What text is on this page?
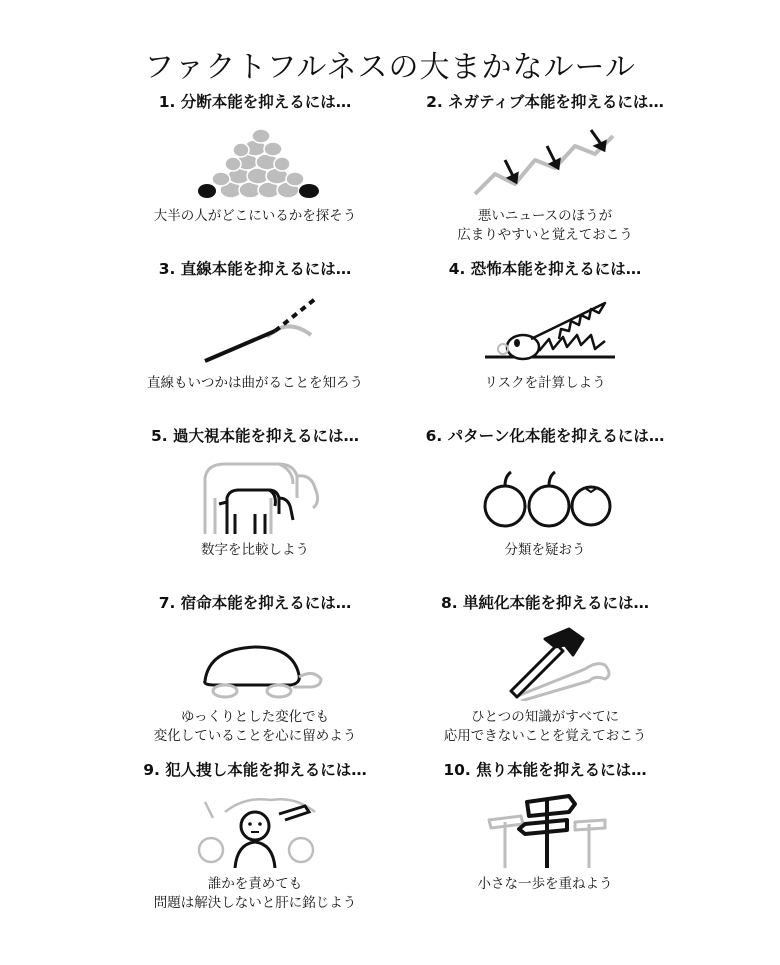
ファクトフルネスの大まかなルール
1. 分断本能を抑えるには…
大半の人がどこにいるかを探そう
2. ネガティブ本能を抑えるには…
悪いニュースのほうが
広まりやすいと覚えておこう
3. 直線本能を抑えるには…
直線もいつかは曲がることを知ろう
4. 恐怖本能を抑えるには…
リスクを計算しよう
5. 過大視本能を抑えるには…
数字を比較しよう
6. パターン化本能を抑えるには…
分類を疑おう
7. 宿命本能を抑えるには…
ゆっくりとした変化でも
変化していることを心に留めよう
8. 単純化本能を抑えるには…
ひとつの知識がすべてに
応用できないことを覚えておこう
9. 犯人捜し本能を抑えるには…
誰かを責めても
問題は解決しないと肝に銘じよう
10. 焦り本能を抑えるには…
小さな一歩を重ねよう
